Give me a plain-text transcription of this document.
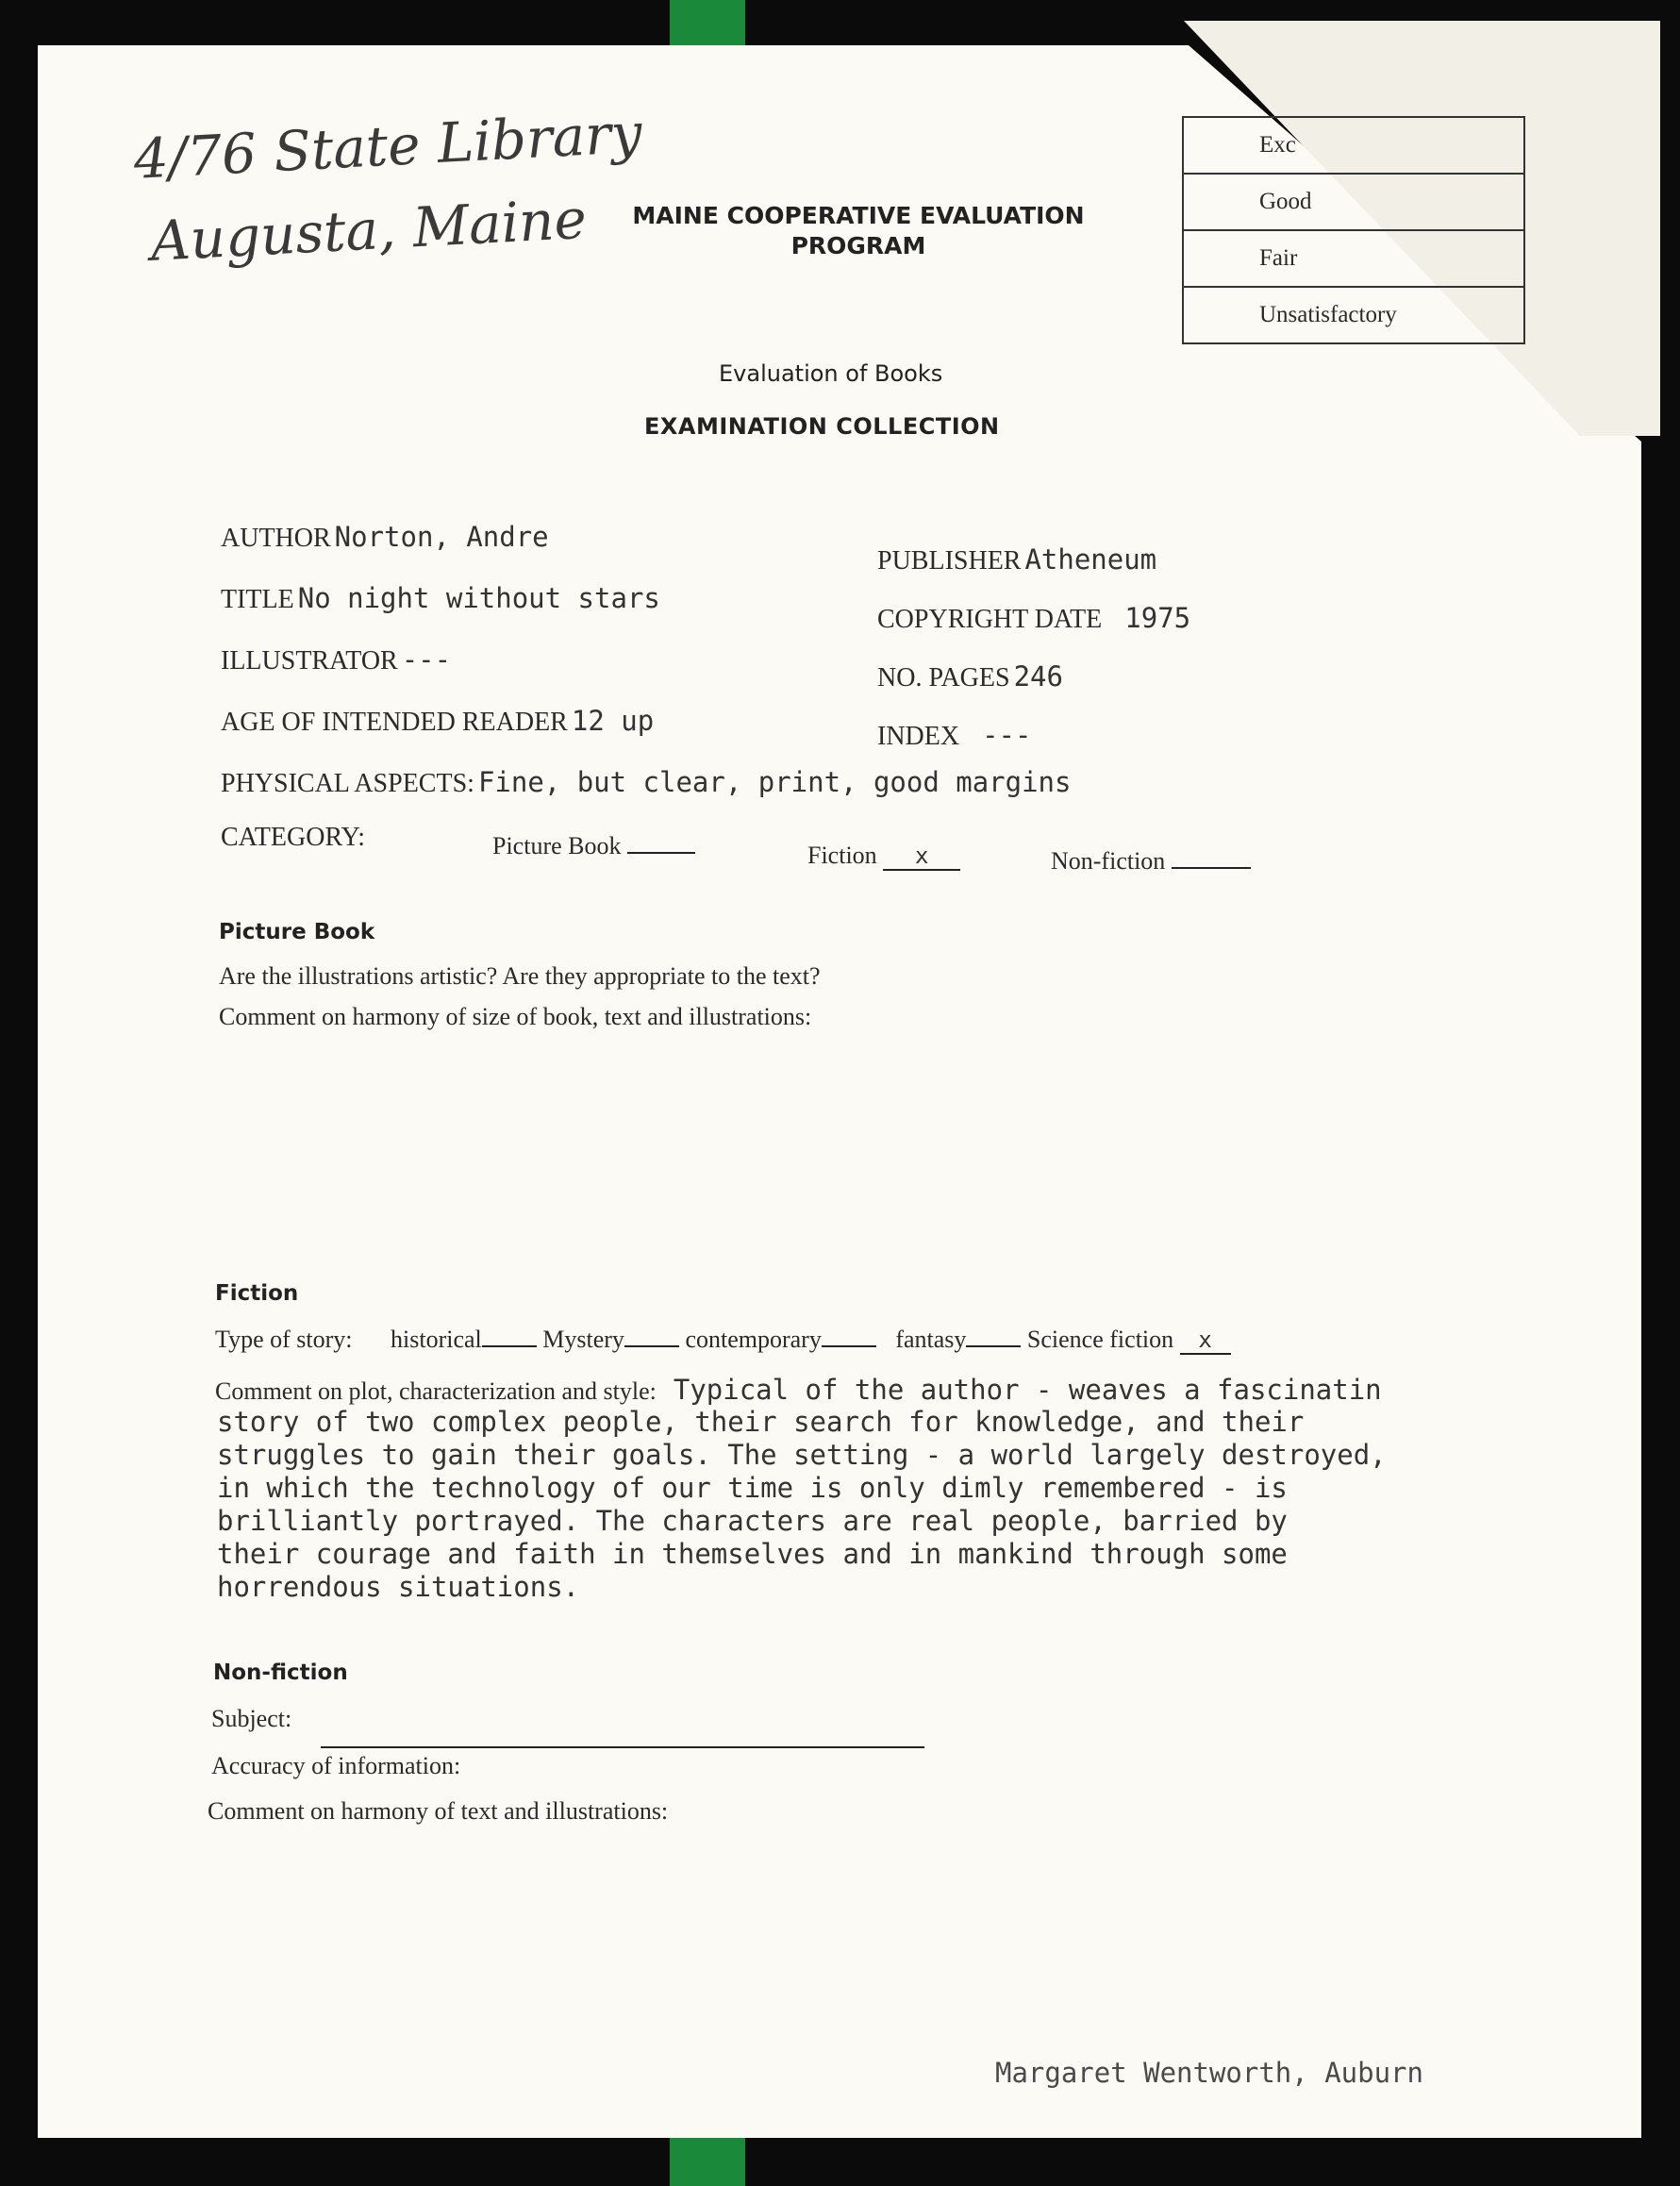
4/76 State Library
Augusta, Maine	MAINE COOPERATIVE EVALUATION
PROGRAM
Exc
Good
Fair
Unsatisfactory
Evaluation of Books
EXAMINATION COLLECTION
AUTHOR Norton, Andre
TITLE No night without stars
ILLUSTRATOR ---
AGE OF INTENDED READER 12 up
PUBLISHER Atheneum
COPYRIGHT DATE 1975
NO. PAGES 246
INDEX ---
PHYSICAL ASPECTS: Fine, but clear, print, good margins
CATEGORY:	Picture Book	Fiction x	Non-fiction
Picture Book
Are the illustrations artistic? Are they appropriate to the text?
Comment on harmony of size of book, text and illustrations:
Fiction
Type of story: historical Mystery contemporary	fantasy Science fiction x
Comment on plot, characterization and style: Typical of the author - weaves a fascinatin
story of two complex people, their search for knowledge, and their
struggles to gain their goals. The setting - a world largely destroyed,
in which the technology of our time is only dimly remembered - is
brilliantly portrayed. The characters are real people, barried by
their courage and faith in themselves and in mankind through some
horrendous situations.
Non-fiction
Subject:
Accuracy of information:
Comment on harmony of text and illustrations:
Margaret Wentworth, Auburn
